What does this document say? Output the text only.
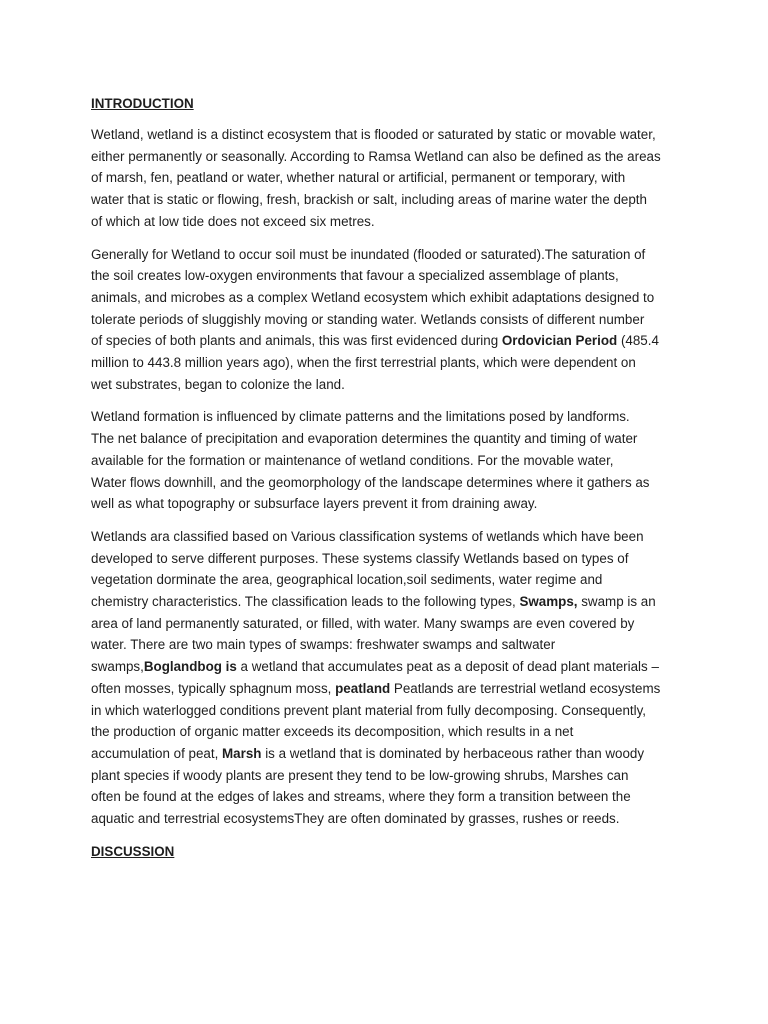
INTRODUCTION

Wetland, wetland is a distinct ecosystem that is flooded or saturated by static or movable water,
either permanently or seasonally. According to Ramsa Wetland can also be defined as the areas
of marsh, fen, peatland or water, whether natural or artificial, permanent or temporary, with
water that is static or flowing, fresh, brackish or salt, including areas of marine water the depth
of which at low tide does not exceed six metres.

Generally for Wetland to occur soil must be inundated (flooded or saturated).The saturation of
the soil creates low-oxygen environments that favour a specialized assemblage of plants,
animals, and microbes as a complex Wetland ecosystem which exhibit adaptations designed to
tolerate periods of sluggishly moving or standing water. Wetlands consists of different number
of species of both plants and animals, this was first evidenced during Ordovician Period (485.4
million to 443.8 million years ago), when the first terrestrial plants, which were dependent on
wet substrates, began to colonize the land.

Wetland formation is influenced by climate patterns and the limitations posed by landforms.
The net balance of precipitation and evaporation determines the quantity and timing of water
available for the formation or maintenance of wetland conditions. For the movable water,
Water flows downhill, and the geomorphology of the landscape determines where it gathers as
well as what topography or subsurface layers prevent it from draining away.

Wetlands ara classified based on Various classification systems of wetlands which have been
developed to serve different purposes. These systems classify Wetlands based on types of
vegetation dorminate the area, geographical location,soil sediments, water regime and
chemistry characteristics. The classification leads to the following types, Swamps, swamp is an
area of land permanently saturated, or filled, with water. Many swamps are even covered by
water. There are two main types of swamps: freshwater swamps and saltwater
swamps,Boglandbog is a wetland that accumulates peat as a deposit of dead plant materials –
often mosses, typically sphagnum moss, peatland Peatlands are terrestrial wetland ecosystems
in which waterlogged conditions prevent plant material from fully decomposing. Consequently,
the production of organic matter exceeds its decomposition, which results in a net
accumulation of peat, Marsh is a wetland that is dominated by herbaceous rather than woody
plant species if woody plants are present they tend to be low-growing shrubs, Marshes can
often be found at the edges of lakes and streams, where they form a transition between the
aquatic and terrestrial ecosystemsThey are often dominated by grasses, rushes or reeds.

DISCUSSION
